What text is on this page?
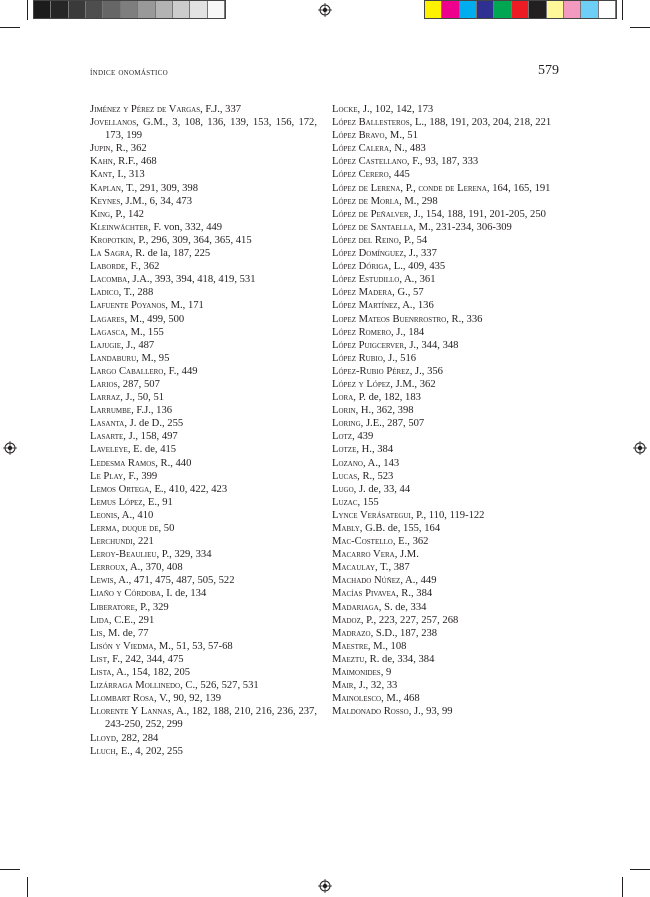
índice onomástico	579
Jiménez y Pérez de Vargas, F.J., 337
Jovellanos, G.M., 3, 108, 136, 139, 153, 156, 172, 173, 199
Jupin, R., 362
Kahn, R.F., 468
Kant, I., 313
Kaplan, T., 291, 309, 398
Keynes, J.M., 6, 34, 473
King, P., 142
Kleinwächter, F. von, 332, 449
Kropotkin, P., 296, 309, 364, 365, 415
La Sagra, R. de la, 187, 225
Laborde, F., 362
Lacomba, J.A., 393, 394, 418, 419, 531
Ladico, T., 288
Lafuente Poyanos, M., 171
Lagares, M., 499, 500
Lagasca, M., 155
Lajugie, J., 487
Landaburu, M., 95
Largo Caballero, F., 449
Larios, 287, 507
Larraz, J., 50, 51
Larrumbe, F.J., 136
Lasanta, J. de D., 255
Lasarte, J., 158, 497
Laveleye, E. de, 415
Ledesma Ramos, R., 440
Le Play, F., 399
Lemos Ortega, E., 410, 422, 423
Lemus López, E., 91
Leonis, A., 410
Lerma, duque de, 50
Lerchundi, 221
Leroy-Beaulieu, P., 329, 334
Lerroux, A., 370, 408
Lewis, A., 471, 475, 487, 505, 522
Liaño y Córdoba, I. de, 134
Liberatore, P., 329
Lida, C.E., 291
Lis, M. de, 77
Lisón y Viedma, M., 51, 53, 57-68
List, F., 242, 344, 475
Lista, A., 154, 182, 205
Lizárraga Mollinedo, C., 526, 527, 531
Llombart Rosa, V., 90, 92, 139
Llorente Y Lannas, A., 182, 188, 210, 216, 236, 237, 243-250, 252, 299
Lloyd, 282, 284
Lluch, E., 4, 202, 255
Locke, J., 102, 142, 173
López Ballesteros, L., 188, 191, 203, 204, 218, 221
López Bravo, M., 51
López Calera, N., 483
López Castellano, F., 93, 187, 333
López Cerero, 445
López de Lerena, P., conde de Lerena, 164, 165, 191
López de Morla, M., 298
López de Peñalver, J., 154, 188, 191, 201-205, 250
López de Santaella, M., 231-234, 306-309
López del Reino, P., 54
López Domínguez, J., 337
López Dóriga, L., 409, 435
López Estudillo, A., 361
López Madera, G., 57
López Martínez, A., 136
Lopez Mateos Buenrrostro, R., 336
López Romero, J., 184
López Puigcerver, J., 344, 348
López Rubio, J., 516
López-Rubio Pérez, J., 356
López y López, J.M., 362
Lora, P. de, 182, 183
Lorin, H., 362, 398
Loring, J.E., 287, 507
Lotz, 439
Lotze, H., 384
Lozano, A., 143
Lucas, R., 523
Lugo, J. de, 33, 44
Luzac, 155
Lynce Verásategui, P., 110, 119-122
Mably, G.B. de, 155, 164
Mac-Costello, E., 362
Macarro Vera, J.M.
Macaulay, T., 387
Machado Núñez, A., 449
Macías Pivavea, R., 384
Madariaga, S. de, 334
Madoz, P., 223, 227, 257, 268
Madrazo, S.D., 187, 238
Maestre, M., 108
Maeztu, R. de, 334, 384
Maimonides, 9
Mair, J., 32, 33
Mainolesco, M., 468
Maldonado Rosso, J., 93, 99
